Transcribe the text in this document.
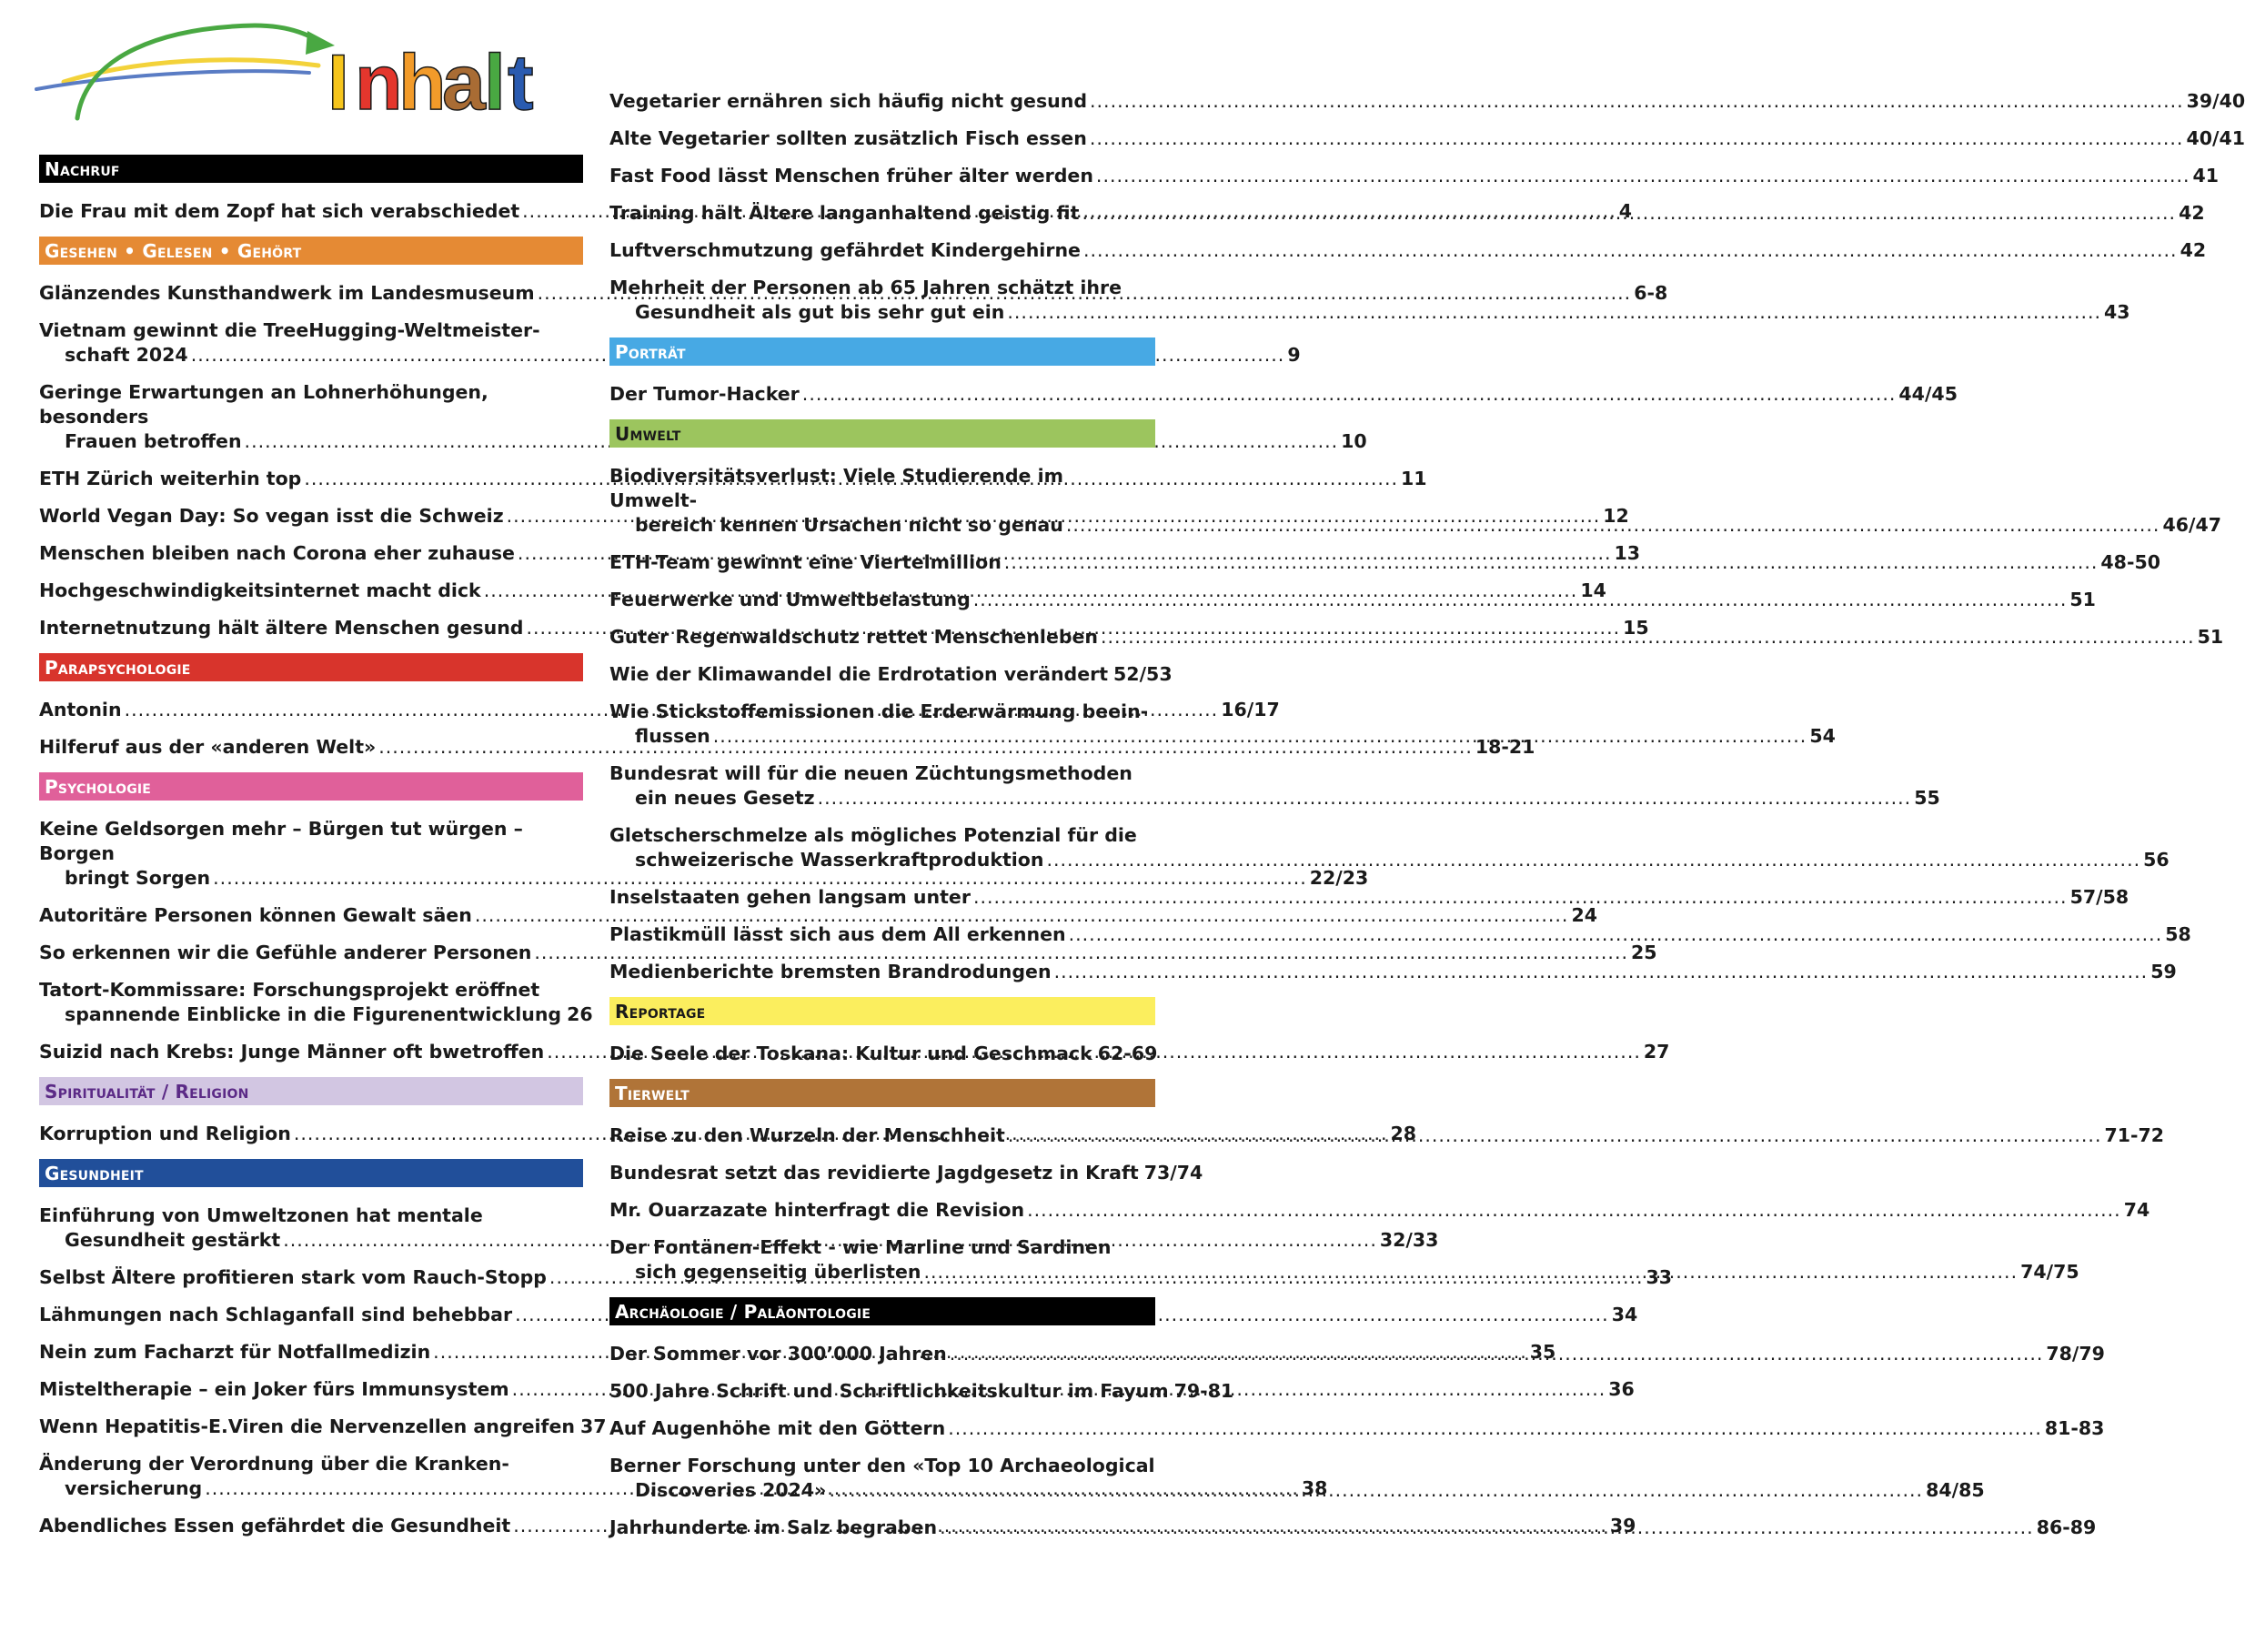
I n
h
a
l t
Nachruf
Die Frau mit dem Zopf hat sich verabschiedet .....	4
Gesehen • Gelesen • Gehört
Glänzendes Kunsthandwerk im Landesmuseum .....	6-8
Vietnam gewinnt die TreeHugging-Weltmeister-
schaft 2024 .....	9
Geringe Erwartungen an Lohnerhöhungen, besonders
Frauen betroffen .....	10
ETH Zürich weiterhin top .....	11
World Vegan Day: So vegan isst die Schweiz .....	12
Menschen bleiben nach Corona eher zuhause .....	13
Hochgeschwindigkeitsinternet macht dick .....	14
Internetnutzung hält ältere Menschen gesund .....	15
Parapsychologie
Antonin .....	16/17
Hilferuf aus der «anderen Welt» .....	18-21
Psychologie
Keine Geldsorgen mehr – Bürgen tut würgen – Borgen
bringt Sorgen .....	22/23
Autoritäre Personen können Gewalt säen .....	24
So erkennen wir die Gefühle anderer Personen .....	25
Tatort-Kommissare: Forschungsprojekt eröffnet
spannende Einblicke in die Figurenentwicklung 26
Suizid nach Krebs: Junge Männer oft bwetroffen .....	27
Spiritualität / Religion
Korruption und Religion .....	28
Gesundheit
Einführung von Umweltzonen hat mentale
Gesundheit gestärkt .....	32/33
Selbst Ältere profitieren stark vom Rauch-Stopp .....	33
Lähmungen nach Schlaganfall sind behebbar .....	34
Nein zum Facharzt für Notfallmedizin .....	35
Misteltherapie – ein Joker fürs Immunsystem .....	36
Wenn Hepatitis-E.Viren die Nervenzellen angreifen 37
Änderung der Verordnung über die Kranken-
versicherung .....	38
Abendliches Essen gefährdet die Gesundheit .....	39
Vegetarier ernähren sich häufig nicht gesund .....	39/40
Alte Vegetarier sollten zusätzlich Fisch essen .....	40/41
Fast Food lässt Menschen früher älter werden .....	41
Training hält Ältere langanhaltend geistig fit .....	42
Luftverschmutzung gefährdet Kindergehirne .....	42
Mehrheit der Personen ab 65 Jahren schätzt ihre
Gesundheit als gut bis sehr gut ein .....	43
Porträt
Der Tumor-Hacker .....	44/45
Umwelt
Biodiversitätsverlust: Viele Studierende im Umwelt-
bereich kennen Ursachen nicht so genau .....	46/47
ETH-Team gewinnt eine Viertelmillion .....	48-50
Feuerwerke und Umweltbelastung .....	51
Guter Regenwaldschutz rettet Menschenleben .....	51
Wie der Klimawandel die Erdrotation verändert 52/53
Wie Stickstoffemissionen die Erderwärmung beein-
flussen .....	54
Bundesrat will für die neuen Züchtungsmethoden
ein neues Gesetz .....	55
Gletscherschmelze als mögliches Potenzial für die
schweizerische Wasserkraftproduktion .....	56
Inselstaaten gehen langsam unter .....	57/58
Plastikmüll lässt sich aus dem All erkennen .....	58
Medienberichte bremsten Brandrodungen .....	59
Reportage
Die Seele der Toskana: Kultur und Geschmack 62-69
Tierwelt
Reise zu den Wurzeln der Menschheit .....	71-72
Bundesrat setzt das revidierte Jagdgesetz in Kraft 73/74
Mr. Ouarzazate hinterfragt die Revision .....	74
Der Fontänen-Effekt - wie Marline und Sardinen
sich gegenseitig überlisten .....	74/75
Archäologie / Paläontologie
Der Sommer vor 300’000 Jahren .....	78/79
500 Jahre Schrift und Schriftlichkeitskultur im Fayum 79-81
Auf Augenhöhe mit den Göttern .....	81-83
Berner Forschung unter den «Top 10 Archaeological
Discoveries 2024» .....	84/85
Jahrhunderte im Salz begraben .....	86-89
